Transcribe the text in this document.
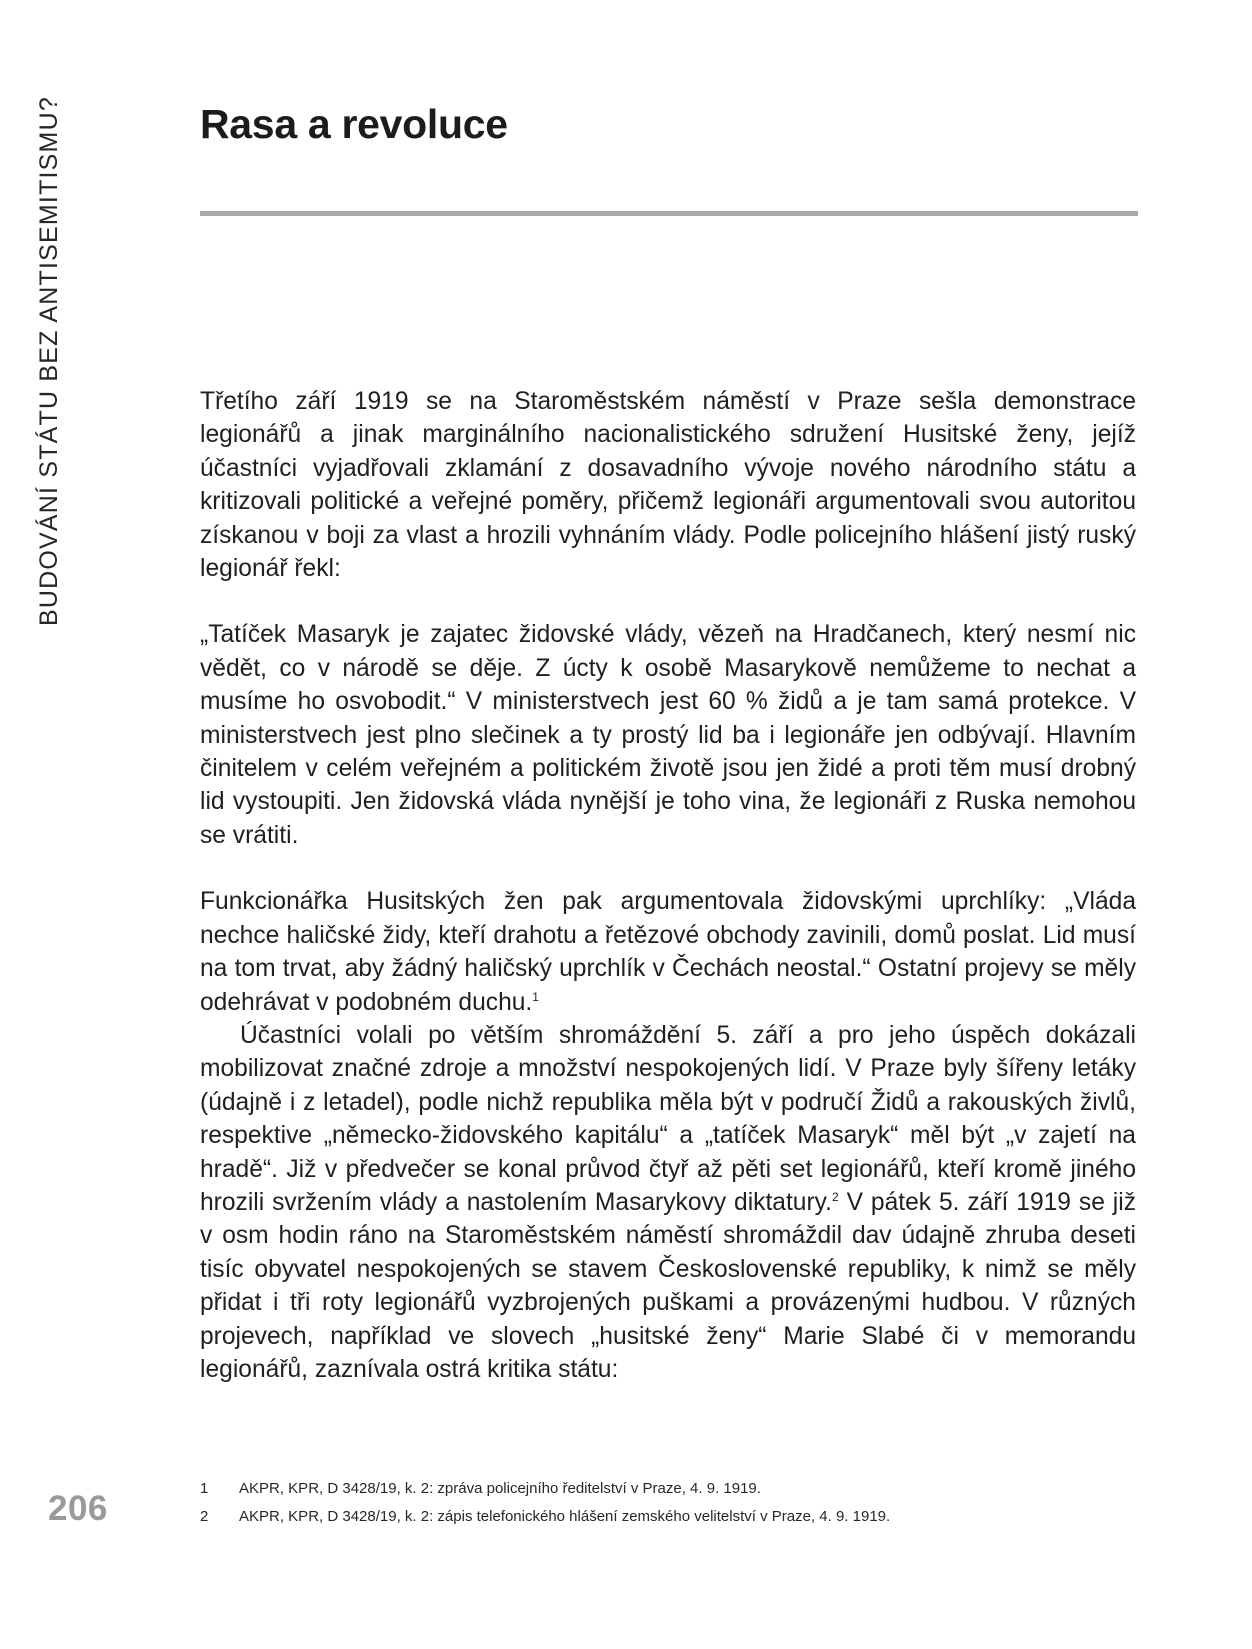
BUDOVÁNÍ STÁTU BEZ ANTISEMITISMU?	Rasa a revoluce

Třetího září 1919 se na Staroměstském náměstí v Praze sešla demonstrace legionářů a jinak marginálního nacionalistického sdružení Husitské ženy, jejíž účastníci vyjadřovali zklamání z dosavadního vývoje nového národního státu a kritizovali politické a veřejné poměry, přičemž legionáři argumentovali svou autoritou získanou v boji za vlast a hrozili vyhnáním vlády. Podle policejního hlášení jistý ruský legionář řekl:

„Tatíček Masaryk je zajatec židovské vlády, vězeň na Hradčanech, který nesmí nic vědět, co v národě se děje. Z úcty k osobě Masarykově nemůžeme to nechat a musíme ho osvobodit.“ V ministerstvech jest 60 % židů a je tam samá protekce. V ministerstvech jest plno slečinek a ty prostý lid ba i legionáře jen odbývají. Hlavním činitelem v celém veřejném a politickém životě jsou jen židé a proti těm musí drobný lid vystoupiti. Jen židovská vláda nynější je toho vina, že legionáři z Ruska nemohou se vrátiti.

Funkcionářka Husitských žen pak argumentovala židovskými uprchlíky: „Vláda nechce haličské židy, kteří drahotu a řetězové obchody zavinili, domů poslat. Lid musí na tom trvat, aby žádný haličský uprchlík v Čechách neostal.“ Ostatní projevy se měly odehrávat v podobném duchu.$^1$

Účastníci volali po větším shromáždění 5. září a pro jeho úspěch dokázali mobilizovat značné zdroje a množství nespokojených lidí. V Praze byly šířeny letáky (údajně i z letadel), podle nichž republika měla být v područí Židů a rakouských živlů, respektive „německo-židovského kapitálu“ a „tatíček Masaryk“ měl být „v zajetí na hradě“. Již v předvečer se konal průvod čtyř až pěti set legionářů, kteří kromě jiného hrozili svržením vlády a nastolením Masarykovy diktatury.$^2$ V pátek 5. září 1919 se již v osm hodin ráno na Staroměstském náměstí shromáždil dav údajně zhruba deseti tisíc obyvatel nespokojených se stavem Československé republiky, k nimž se měly přidat i tři roty legionářů vyzbrojených puškami a provázenými hudbou. V různých projevech, například ve slovech „husitské ženy“ Marie Slabé či v memorandu legionářů, zaznívala ostrá kritika státu:

206
1 AKPR, KPR, D 3428/19, k. 2: zpráva policejního ředitelství v Praze, 4. 9. 1919.
2 AKPR, KPR, D 3428/19, k. 2: zápis telefonického hlášení zemského velitelství v Praze, 4. 9. 1919.
